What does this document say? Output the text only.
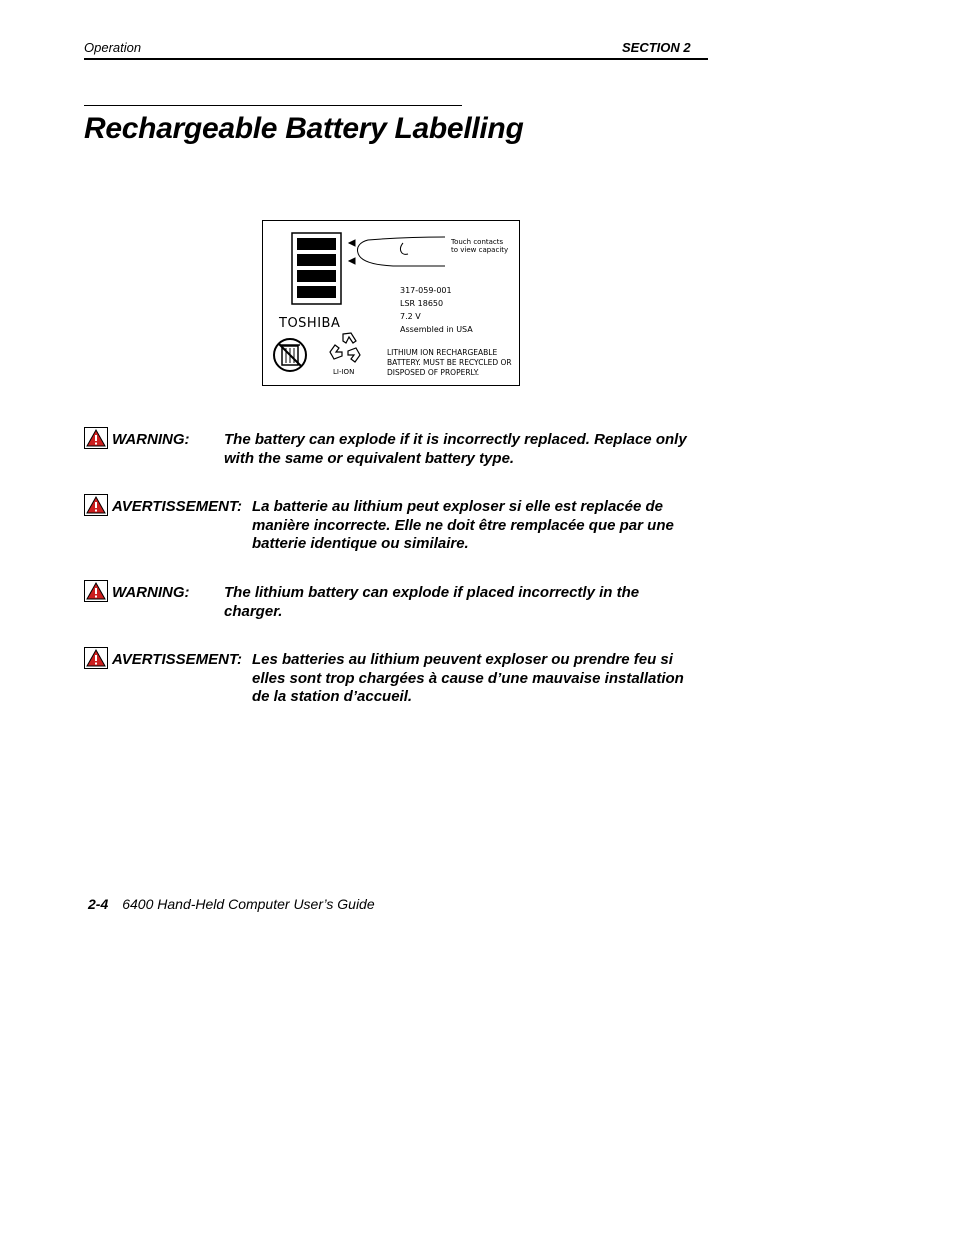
Operation	SECTION 2
Rechargeable Battery Labelling
Touch contacts to view capacity
317-059-001
LSR 18650
7.2 V
Assembled in USA
TOSHIBA
LI-ION
LITHIUM ION RECHARGEABLE BATTERY. MUST BE RECYCLED OR DISPOSED OF PROPERLY.
WARNING: The battery can explode if it is incorrectly replaced. Replace only with the same or equivalent battery type.
AVERTISSEMENT: La batterie au lithium peut exploser si elle est replacée de manière incorrecte. Elle ne doit être remplacée que par une batterie identique ou similaire.
WARNING: The lithium battery can explode if placed incorrectly in the charger.
AVERTISSEMENT: Les batteries au lithium peuvent exploser ou prendre feu si elles sont trop chargées à cause d’une mauvaise installation de la station d’accueil.
2-4 6400 Hand-Held Computer User’s Guide
